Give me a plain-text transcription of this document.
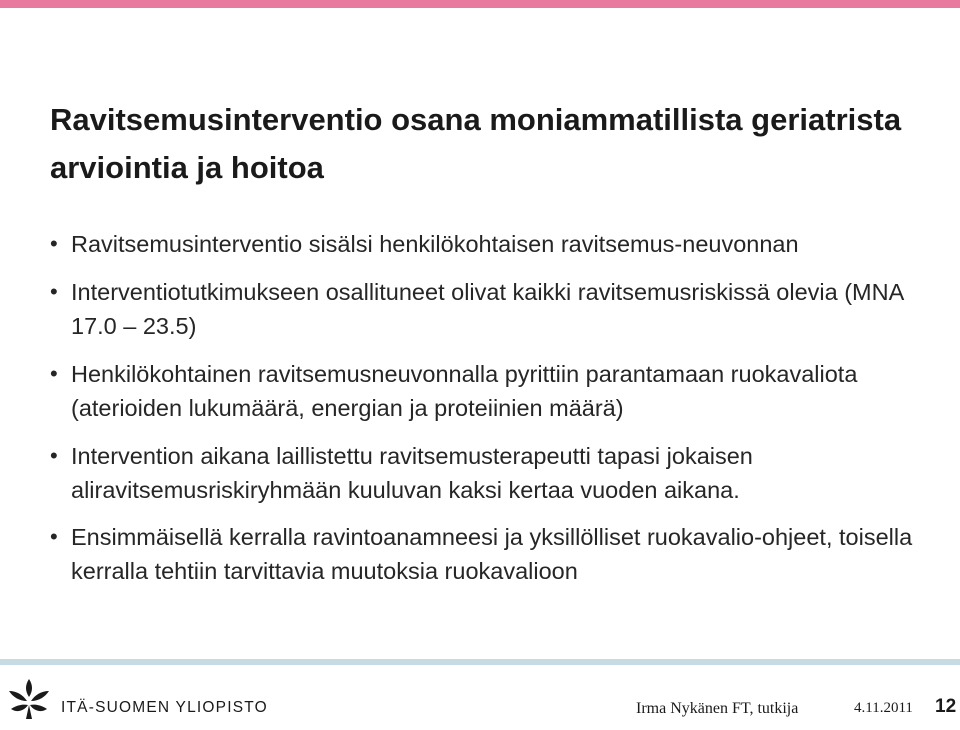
Ravitsemusinterventio osana moniammatillista geriatrista arviointia ja hoitoa
• Ravitsemusinterventio sisälsi henkilökohtaisen ravitsemus-neuvonnan
• Interventiotutkimukseen osallituneet olivat kaikki ravitsemusriskissä olevia (MNA 17.0 – 23.5)
• Henkilökohtainen ravitsemusneuvonnalla pyrittiin parantamaan ruokavaliota (aterioiden lukumäärä, energian ja proteiinien määrä)
• Intervention aikana laillistettu ravitsemusterapeutti tapasi jokaisen aliravitsemusriskiryhmään kuuluvan kaksi kertaa vuoden aikana.
• Ensimmäisellä kerralla ravintoanamneesi ja yksillölliset ruokavalio-ohjeet, toisella kerralla tehtiin tarvittavia muutoksia ruokavalioon
ITÄ-SUOMEN YLIOPISTO	Irma Nykänen FT, tutkija	4.11.2011 12
